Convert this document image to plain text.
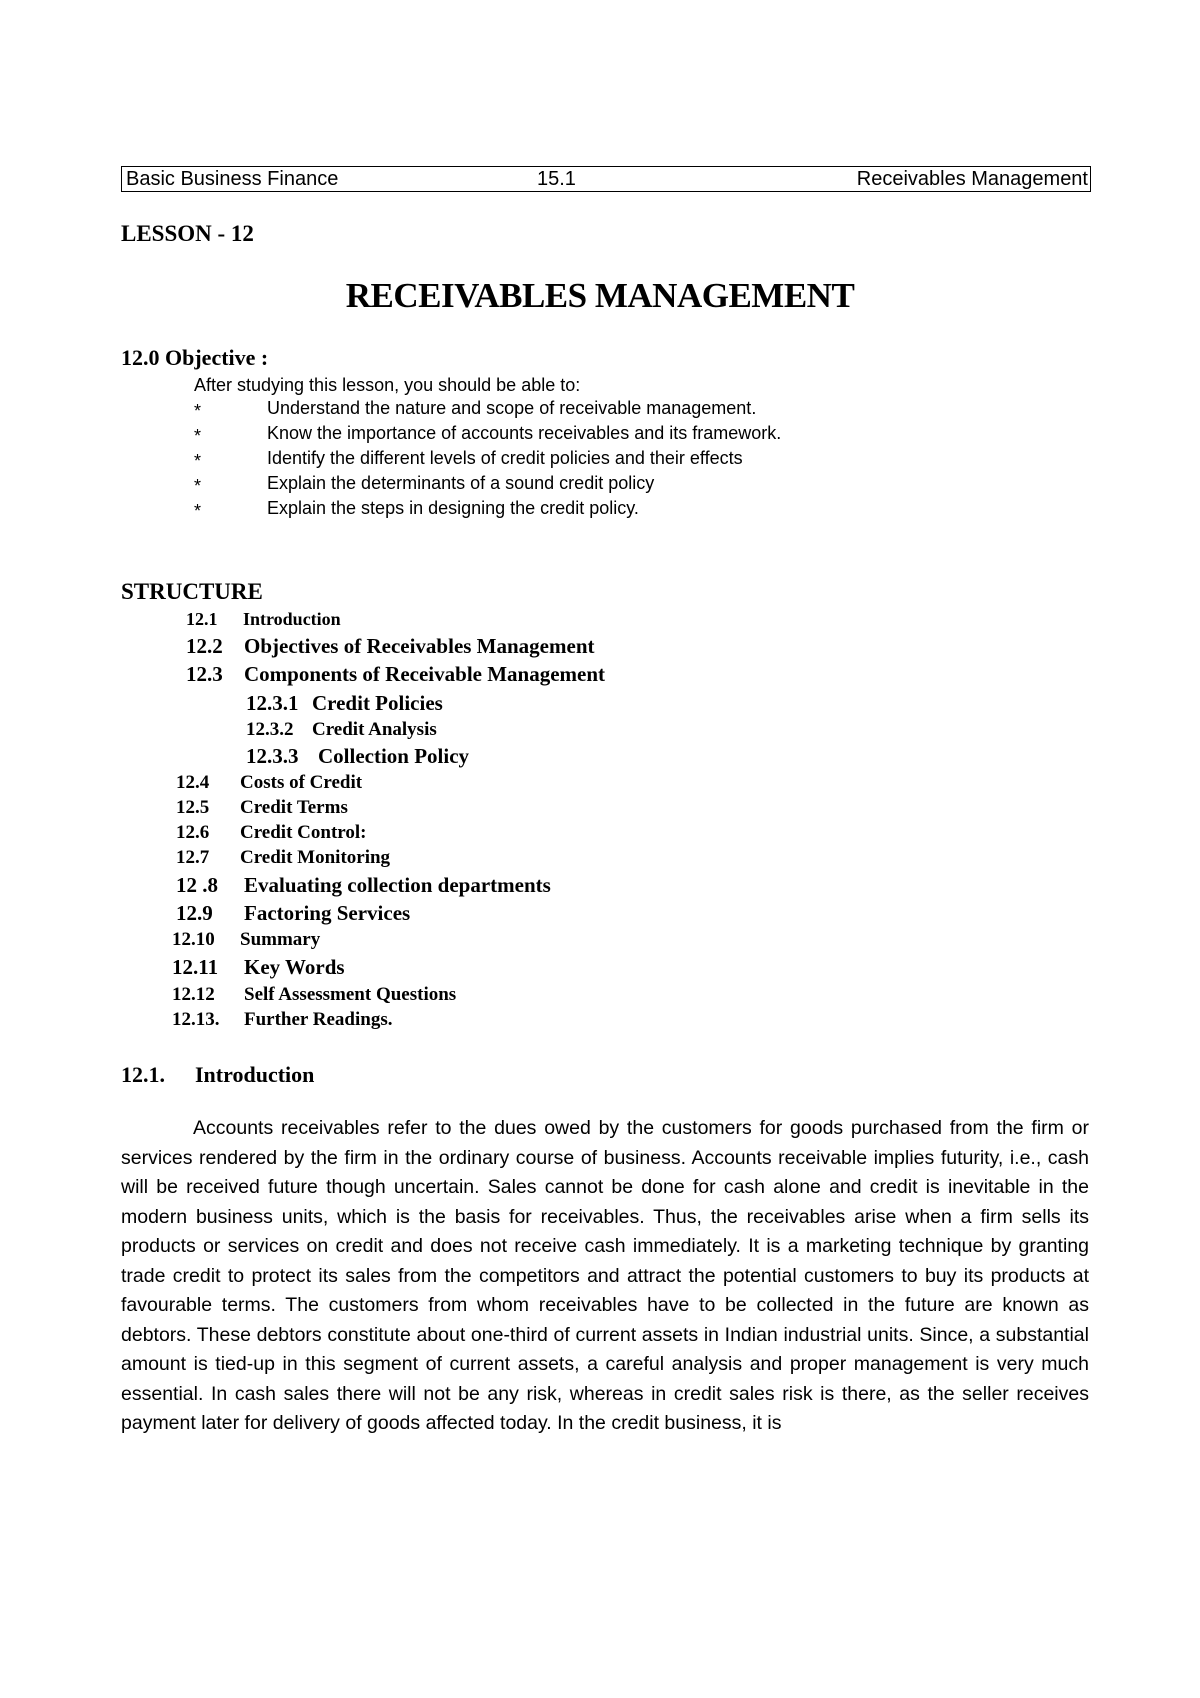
Basic Business Finance	15.1	Receivables Management
LESSON - 12
RECEIVABLES MANAGEMENT
12.0 Objective :
After studying this lesson, you should be able to:
*	Understand the nature and scope of receivable management.
*	Know the importance of accounts receivables and its framework.
*	Identify the different levels of credit policies and their effects
*	Explain the determinants of a sound credit policy
*	Explain the steps in designing the credit policy.
STRUCTURE
12.1 Introduction
12.2 Objectives of Receivables Management
12.3 Components of Receivable Management
12.3.1 Credit Policies
12.3.2 Credit Analysis
12.3.3 Collection Policy
12.4 Costs of Credit
12.5 Credit Terms
12.6 Credit Control:
12.7 Credit Monitoring
12 .8 Evaluating collection departments
12.9 Factoring Services
12.10 Summary
12.11 Key Words
12.12 Self Assessment Questions
12.13. Further Readings.
12.1. Introduction

Accounts receivables refer to the dues owed by the customers for goods purchased from the firm or services rendered by the firm in the ordinary course of business. Accounts receivable implies futurity, i.e., cash will be received future though uncertain. Sales cannot be done for cash alone and credit is inevitable in the modern business units, which is the basis for receivables. Thus, the receivables arise when a firm sells its products or services on credit and does not receive cash immediately. It is a marketing technique by granting trade credit to protect its sales from the competitors and attract the potential customers to buy its products at favourable terms. The customers from whom receivables have to be collected in the future are known as debtors. These debtors constitute about one-third of current assets in Indian industrial units. Since, a substantial amount is tied-up in this segment of current assets, a careful analysis and proper management is very much essential. In cash sales there will not be any risk, whereas in credit sales risk is there, as the seller receives payment later for delivery of goods affected today. In the credit business, it is
